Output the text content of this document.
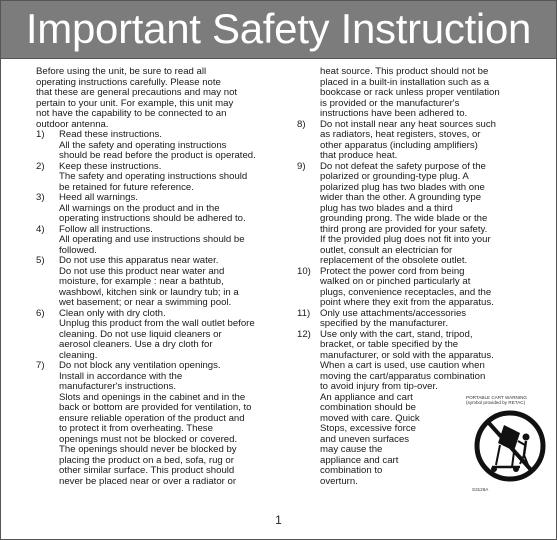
Important Safety Instruction
Before using the unit, be sure to read all
operating instructions carefully. Please note
that these are general precautions and may not
pertain to your unit. For example, this unit may
not have the capability to be connected to an
outdoor antenna.
1) Read these instructions.
All the safety and operating instructions
should be read before the product is operated.
2) Keep these instructions.
The safety and operating instructions should
be retained for future reference.
3) Heed all warnings.
All warnings on the product and in the
operating instructions should be adhered to.
4) Follow all instructions.
All operating and use instructions should be
followed.
5) Do not use this apparatus near water.
Do not use this product near water and
moisture, for example : near a bathtub,
washbowl, kitchen sink or laundry tub; in a
wet basement; or near a swimming pool.
6) Clean only with dry cloth.
Unplug this product from the wall outlet before
cleaning. Do not use liquid cleaners or
aerosol cleaners. Use a dry cloth for
cleaning.
7) Do not block any ventilation openings.
Install in accordance with the
manufacturer's instructions.
Slots and openings in the cabinet and in the
back or bottom are provided for ventilation, to
ensure reliable operation of the product and
to protect it from overheating. These
openings must not be blocked or covered.
The openings should never be blocked by
placing the product on a bed, sofa, rug or
other similar surface. This product should
never be placed near or over a radiator or
heat source. This product should not be
placed in a built-in installation such as a
bookcase or rack unless proper ventilation
is provided or the manufacturer's
instructions have been adhered to.
8) Do not install near any heat sources such
as radiators, heat registers, stoves, or
other apparatus (including amplifiers)
that produce heat.
9) Do not defeat the safety purpose of the
polarized or grounding-type plug. A
polarized plug has two blades with one
wider than the other. A grounding type
plug has two blades and a third
grounding prong. The wide blade or the
third prong are provided for your safety.
If the provided plug does not fit into your
outlet, consult an electrician for
replacement of the obsolete outlet.
10) Protect the power cord from being
walked on or pinched particularly at
plugs, convenience receptacles, and the
point where they exit from the apparatus.
11) Only use attachments/accessories
specified by the manufacturer.
12) Use only with the cart, stand, tripod,
bracket, or table specified by the
manufacturer, or sold with the apparatus.
When a cart is used, use caution when
moving the cart/apparatus combination
to avoid injury from tip-over.
An appliance and cart
combination should be
moved with care. Quick
Stops, excessive force
and uneven surfaces
may cause the
appliance and cart
combination to
overturn.
PORTABLE CART WARNING
(symbol provided by RETAC)
S3126A
1
